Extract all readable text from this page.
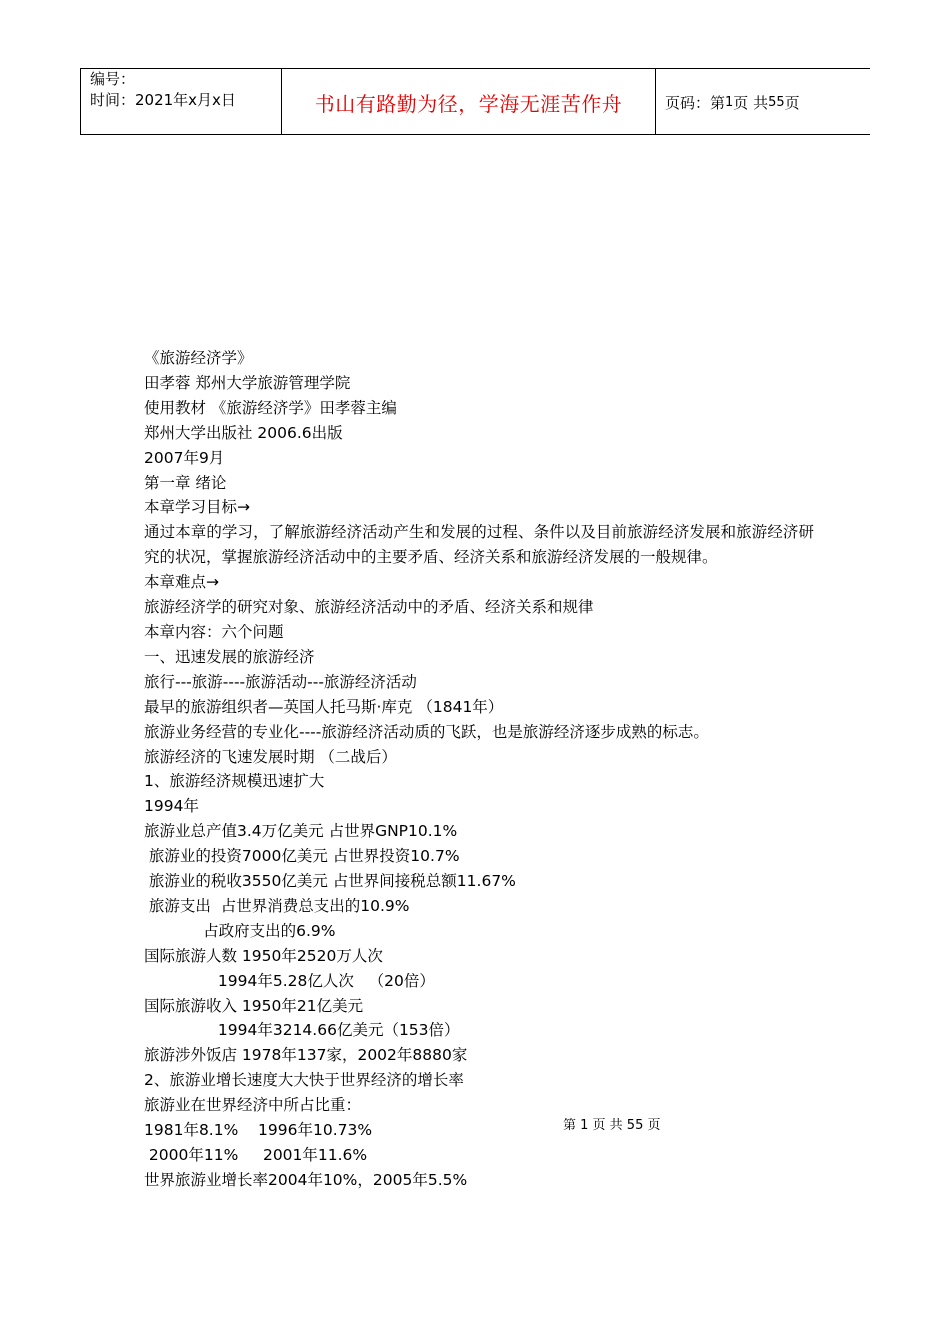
编号：
时间：2021年x月x日	书山有路勤为径，学海无涯苦作舟	页码：第 1 页 共 55 页
《旅游经济学》
田孝蓉 郑州大学旅游管理学院
使用教材 《旅游经济学》田孝蓉主编
郑州大学出版社 2006.6出版
2007年9月
第一章 绪论
本章学习目标→
通过本章的学习，了解旅游经济活动产生和发展的过程、条件以及目前旅游经济发展和旅游经济研究的状况，掌握旅游经济活动中的主要矛盾、经济关系和旅游经济发展的一般规律。
本章难点→
旅游经济学的研究对象、旅游经济活动中的矛盾、经济关系和规律
本章内容：六个问题
一、迅速发展的旅游经济
旅行---旅游----旅游活动---旅游经济活动
最早的旅游组织者—英国人托马斯·库克 （1841年）
旅游业务经营的专业化----旅游经济活动质的飞跃，也是旅游经济逐步成熟的标志。
旅游经济的飞速发展时期 （二战后）
1、旅游经济规模迅速扩大
1994年
旅游业总产值3.4万亿美元 占世界GNP10.1%
旅游业的投资7000亿美元 占世界投资10.7%
旅游业的税收3550亿美元 占世界间接税总额11.67%
旅游支出  占世界消费总支出的10.9%
占政府支出的6.9%
国际旅游人数 1950年2520万人次
1994年5.28亿人次   （20倍）
国际旅游收入 1950年21亿美元
1994年3214.66亿美元（153倍）
旅游涉外饭店 1978年137家，2002年8880家
2、旅游业增长速度大大快于世界经济的增长率
旅游业在世界经济中所占比重：
1981年8.1%    1996年10.73%
2000年11%     2001年11.6%
世界旅游业增长率2004年10%，2005年5.5%
第 1 页 共 55 页
